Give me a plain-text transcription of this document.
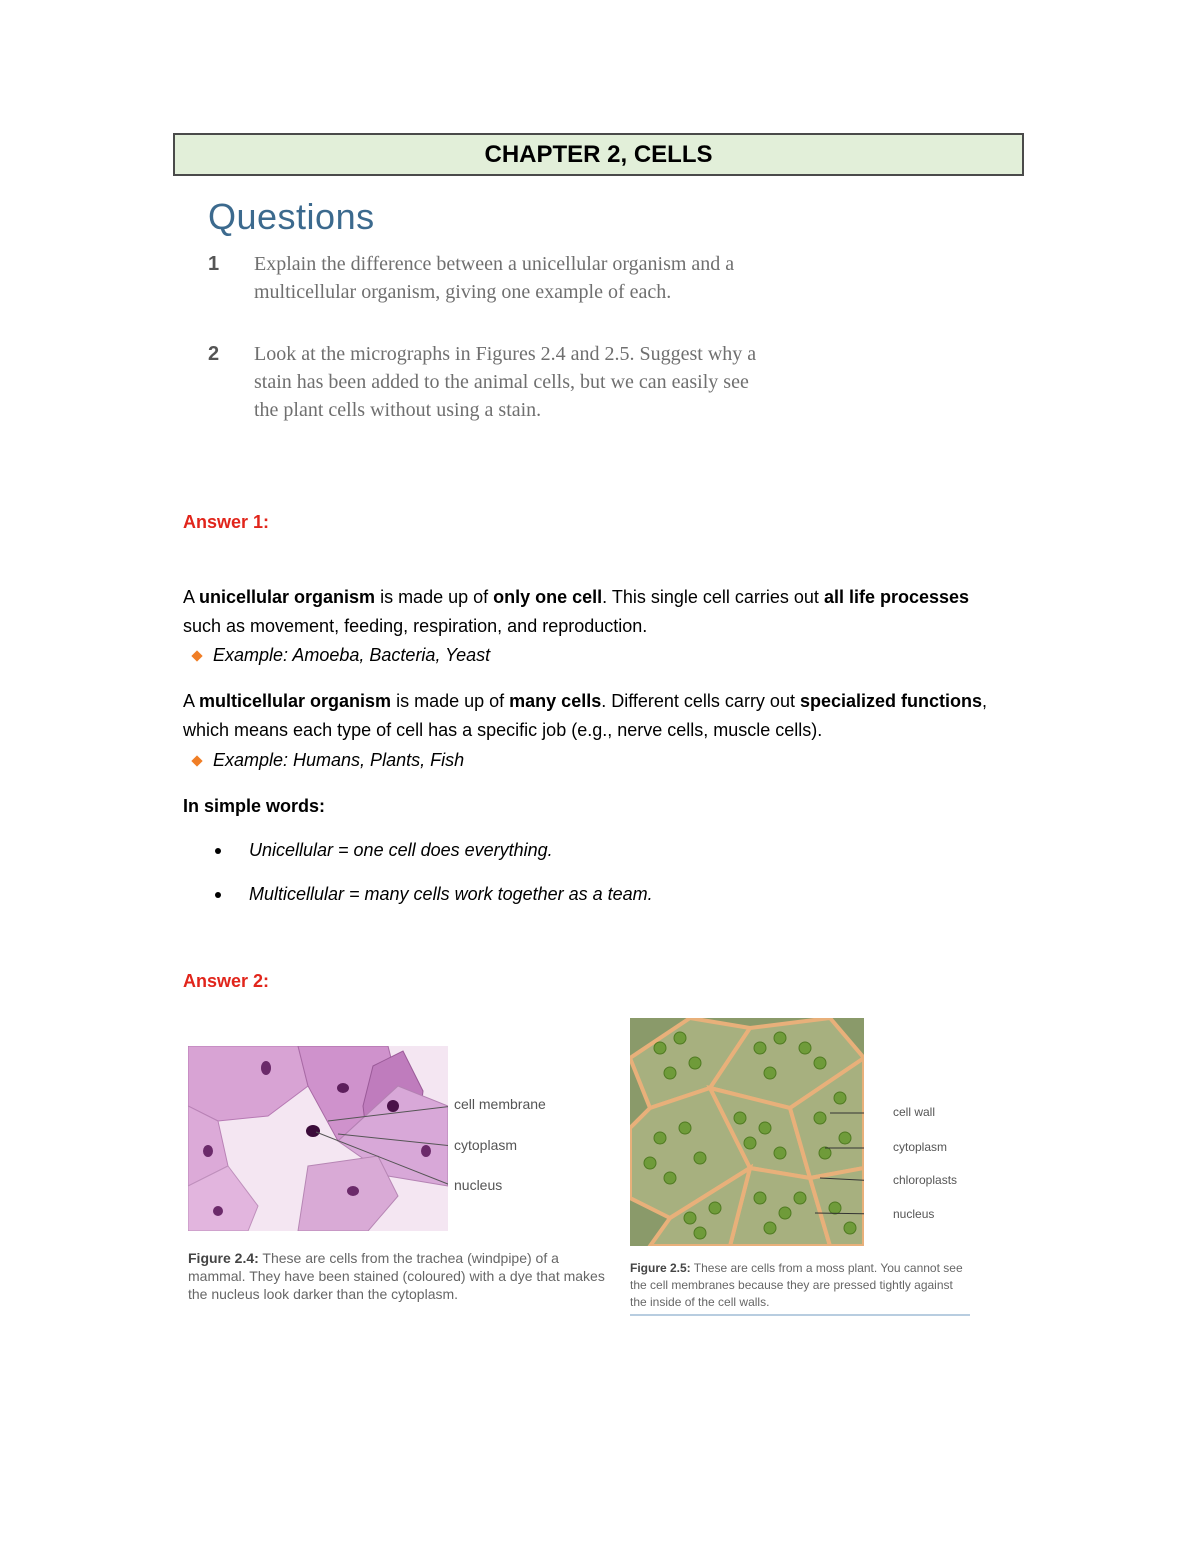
CHAPTER 2, CELLS
Questions
1 Explain the difference between a unicellular organism and a multicellular organism, giving one example of each.
2 Look at the micrographs in Figures 2.4 and 2.5. Suggest why a stain has been added to the animal cells, but we can easily see the plant cells without using a stain.
Answer 1:
A unicellular organism is made up of only one cell. This single cell carries out all life processes such as movement, feeding, respiration, and reproduction.
Example: Amoeba, Bacteria, Yeast
A multicellular organism is made up of many cells. Different cells carry out specialized functions, which means each type of cell has a specific job (e.g., nerve cells, muscle cells).
Example: Humans, Plants, Fish
In simple words:
Unicellular = one cell does everything.
Multicellular = many cells work together as a team.
Answer 2:
cell membrane
cytoplasm
nucleus
Figure 2.4: These are cells from the trachea (windpipe) of a mammal. They have been stained (coloured) with a dye that makes the nucleus look darker than the cytoplasm.
cell wall
cytoplasm
chloroplasts
nucleus
Figure 2.5: These are cells from a moss plant. You cannot see the cell membranes because they are pressed tightly against the inside of the cell walls.
